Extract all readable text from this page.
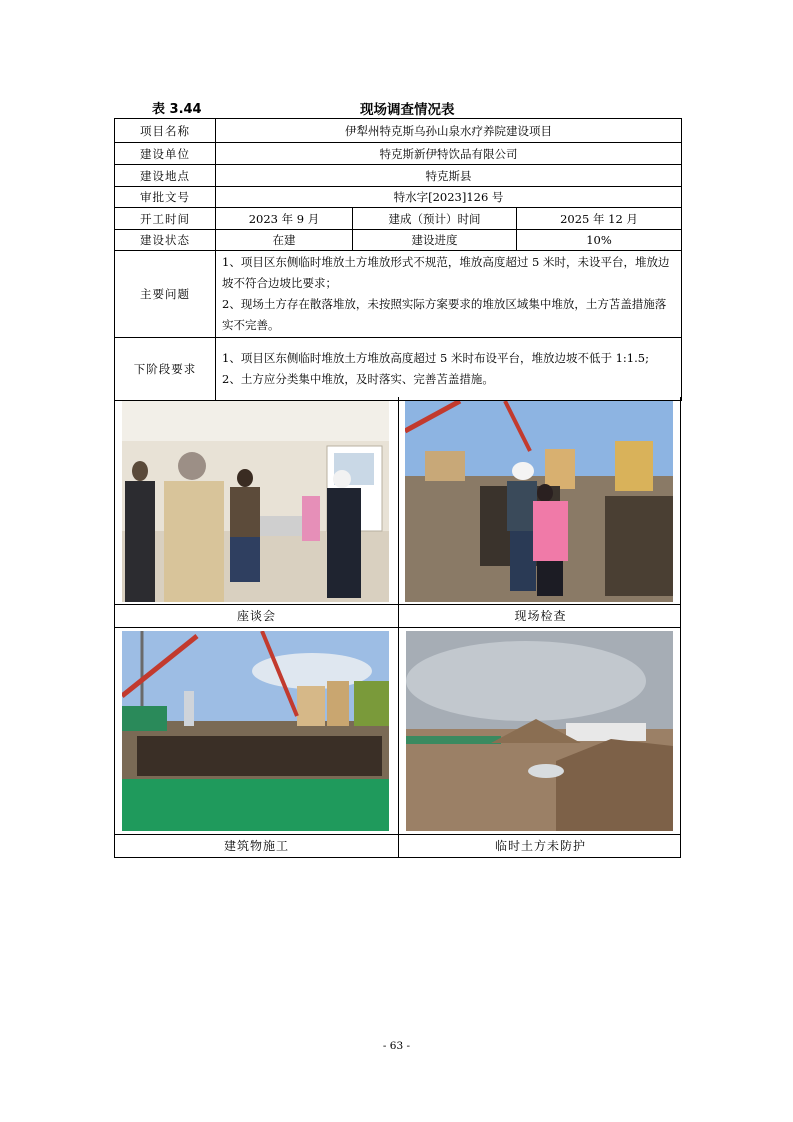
表 3.44	现场调查情况表
项目名称	伊犁州特克斯乌孙山泉水疗养院建设项目		
建设单位	特克斯新伊特饮品有限公司		
建设地点	特克斯县		
审批文号	特水字[2023]126 号		
开工时间	2023 年 9 月	建成（预计）时间	2025 年 12 月
建设状态	在建	建设进度	10%
主要问题	1、项目区东侧临时堆放土方堆放形式不规范，堆放高度超过 5 米时，未设平台，堆放边坡不符合边坡比要求；
2、现场土方存在散落堆放，未按照实际方案要求的堆放区域集中堆放，土方苫盖措施落实不完善。		

下阶段要求	1、项目区东侧临时堆放土方堆放高度超过 5 米时布设平台，堆放边坡不低于 1:1.5;
2、土方应分类集中堆放，及时落实、完善苫盖措施。		
座谈会	现场检查
建筑物施工	临时土方未防护
- 63 -
